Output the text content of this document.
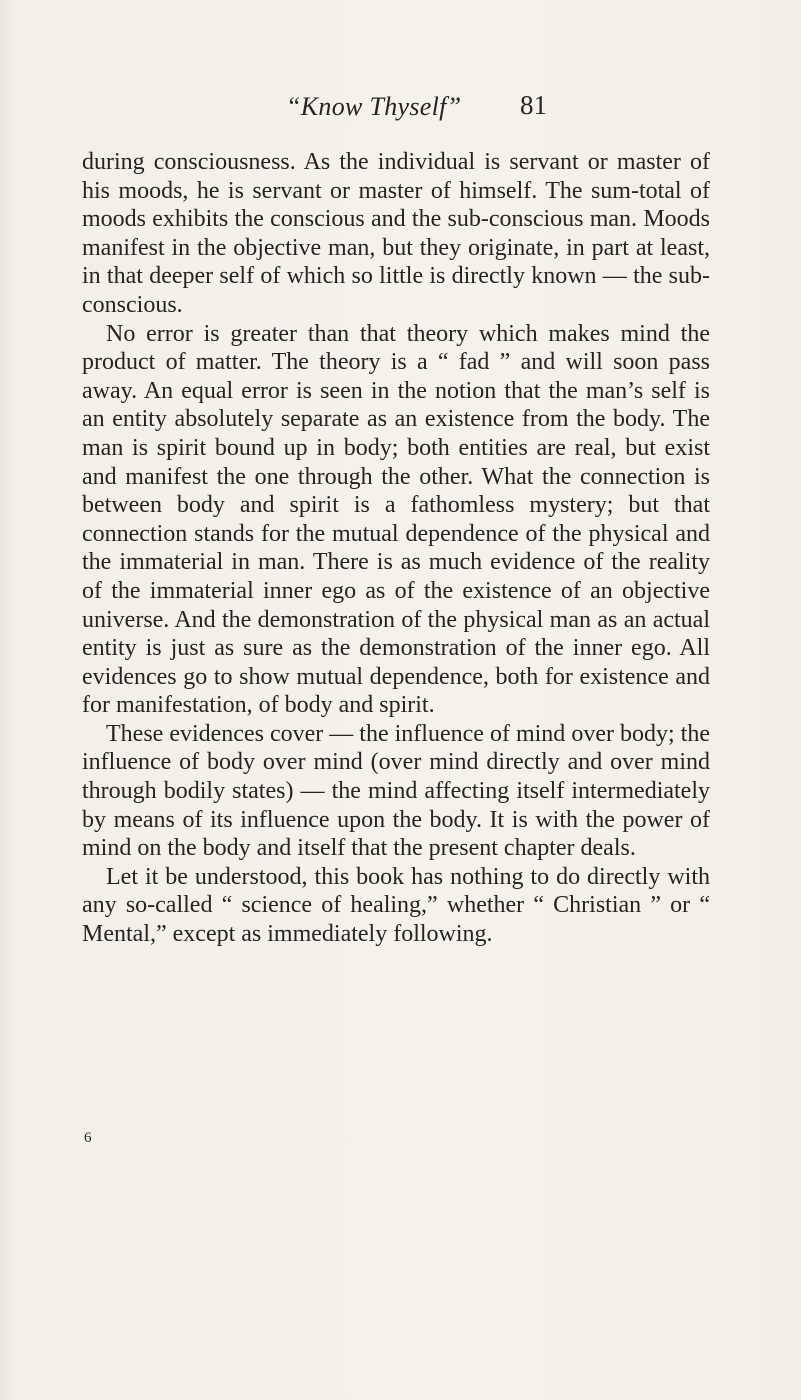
“Know Thyself” 81

during consciousness. As the individual is servant or master of his moods, he is servant or master of himself. The sum-total of moods exhibits the conscious and the sub-conscious man. Moods manifest in the objective man, but they originate, in part at least, in that deeper self of which so little is directly known — the sub-conscious.

No error is greater than that theory which makes mind the product of matter. The theory is a “ fad ” and will soon pass away. An equal error is seen in the notion that the man’s self is an entity absolutely separate as an existence from the body. The man is spirit bound up in body; both entities are real, but exist and manifest the one through the other. What the connection is between body and spirit is a fathomless mystery; but that connection stands for the mutual dependence of the physical and the immaterial in man. There is as much evidence of the reality of the immaterial inner ego as of the existence of an objective universe. And the demonstration of the physical man as an actual entity is just as sure as the demonstration of the inner ego. All evidences go to show mutual dependence, both for existence and for manifestation, of body and spirit.

These evidences cover — the influence of mind over body; the influence of body over mind (over mind directly and over mind through bodily states) — the mind affecting itself intermediately by means of its influence upon the body. It is with the power of mind on the body and itself that the present chapter deals.

Let it be understood, this book has nothing to do directly with any so-called “ science of healing,” whether “ Christian ” or “ Mental,” except as immediately following.

6
